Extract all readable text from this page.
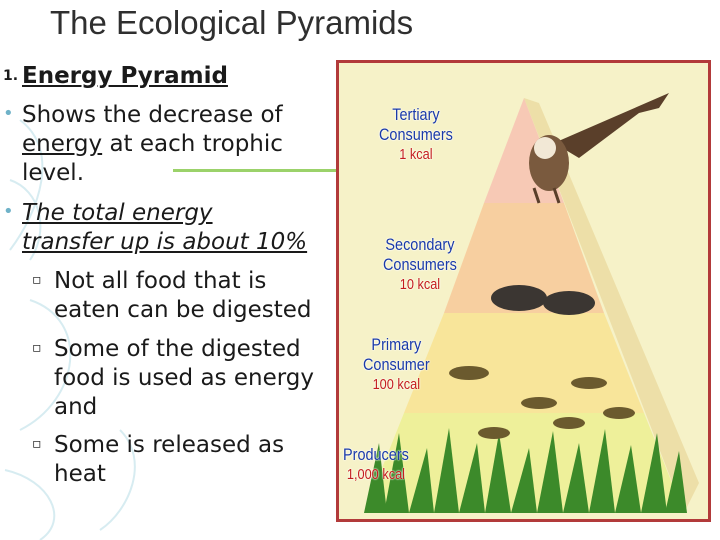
The Ecological Pyramids
1. Energy Pyramid
• Shows the decrease of
energy at each trophic
level.
• The total energy
transfer up is about 10%
▫ Not all food that is
eaten can be digested
▫ Some of the digested
food is used as energy
and
▫ Some is released as
heat
Tertiary
Consumers
1 kcal
Secondary
Consumers
10 kcal
Primary
Consumer
100 kcal
Producers
1,000 kcal
